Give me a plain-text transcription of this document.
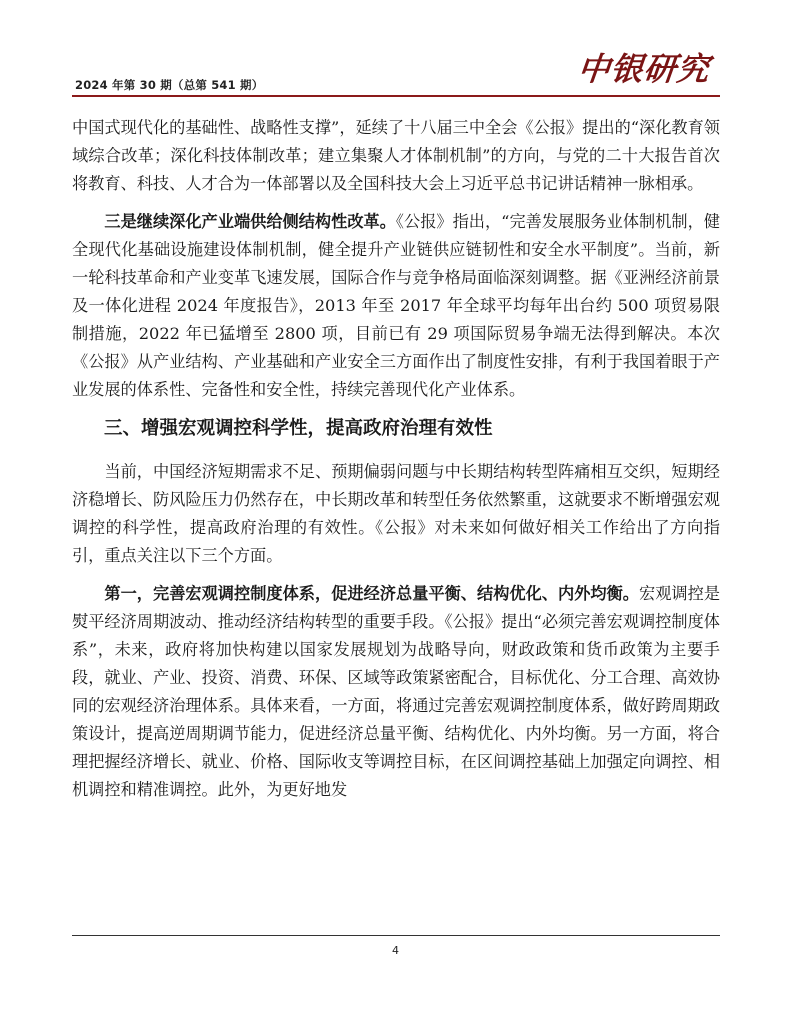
2024 年第 30 期（总第 541 期）	中银研究

中国式现代化的基础性、战略性支撑”，延续了十八届三中全会《公报》提出的“深化教育领域综合改革；深化科技体制改革；建立集聚人才体制机制”的方向，与党的二十大报告首次将教育、科技、人才合为一体部署以及全国科技大会上习近平总书记讲话精神一脉相承。

三是继续深化产业端供给侧结构性改革。《公报》指出，“完善发展服务业体制机制，健全现代化基础设施建设体制机制，健全提升产业链供应链韧性和安全水平制度”。当前，新一轮科技革命和产业变革飞速发展，国际合作与竞争格局面临深刻调整。据《亚洲经济前景及一体化进程 2024 年度报告》，2013 年至 2017 年全球平均每年出台约 500 项贸易限制措施，2022 年已猛增至 2800 项，目前已有 29 项国际贸易争端无法得到解决。本次《公报》从产业结构、产业基础和产业安全三方面作出了制度性安排，有利于我国着眼于产业发展的体系性、完备性和安全性，持续完善现代化产业体系。

三、增强宏观调控科学性，提高政府治理有效性

当前，中国经济短期需求不足、预期偏弱问题与中长期结构转型阵痛相互交织，短期经济稳增长、防风险压力仍然存在，中长期改革和转型任务依然繁重，这就要求不断增强宏观调控的科学性，提高政府治理的有效性。《公报》对未来如何做好相关工作给出了方向指引，重点关注以下三个方面。

第一，完善宏观调控制度体系，促进经济总量平衡、结构优化、内外均衡。宏观调控是熨平经济周期波动、推动经济结构转型的重要手段。《公报》提出“必须完善宏观调控制度体系”，未来，政府将加快构建以国家发展规划为战略导向，财政政策和货币政策为主要手段，就业、产业、投资、消费、环保、区域等政策紧密配合，目标优化、分工合理、高效协同的宏观经济治理体系。具体来看，一方面，将通过完善宏观调控制度体系，做好跨周期政策设计，提高逆周期调节能力，促进经济总量平衡、结构优化、内外均衡。另一方面，将合理把握经济增长、就业、价格、国际收支等调控目标，在区间调控基础上加强定向调控、相机调控和精准调控。此外，为更好地发

4
